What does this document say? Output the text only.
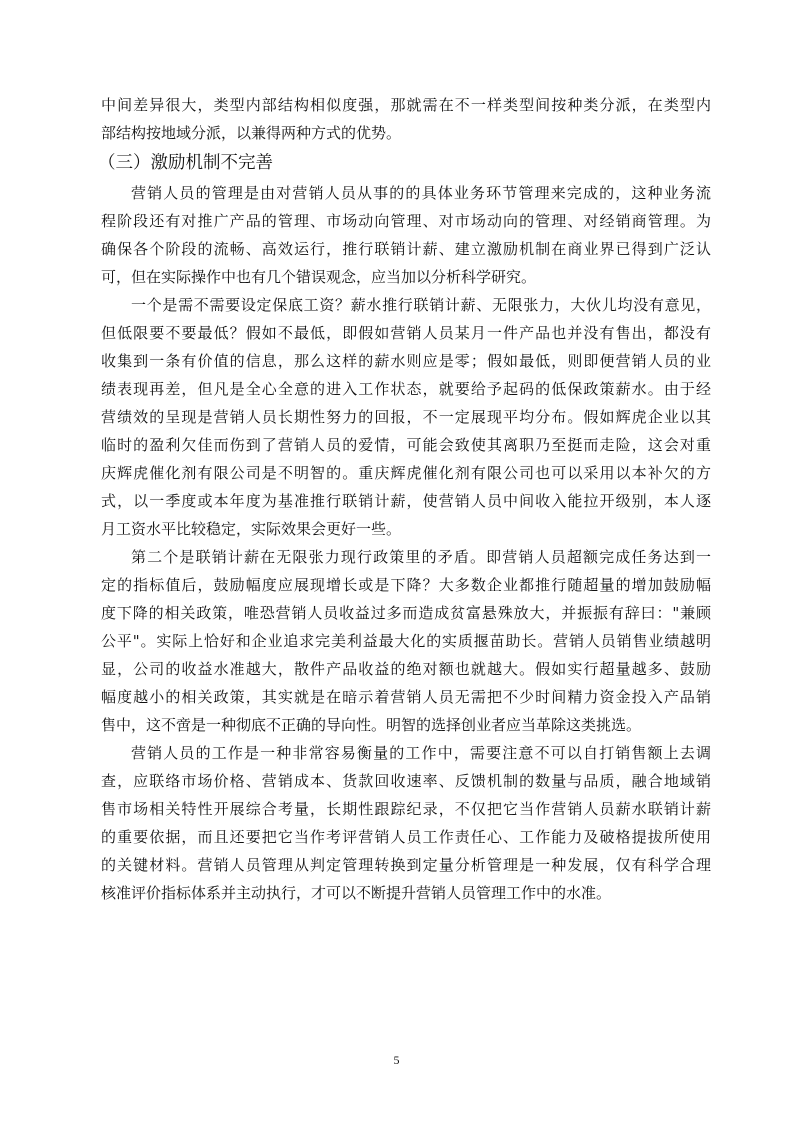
中间差异很大，类型内部结构相似度强，那就需在不一样类型间按种类分派，在类型内
部结构按地域分派，以兼得两种方式的优势。
（三）激励机制不完善
营销人员的管理是由对营销人员从事的的具体业务环节管理来完成的，这种业务流
程阶段还有对推广产品的管理、市场动向管理、对市场动向的管理、对经销商管理。为
确保各个阶段的流畅、高效运行，推行联销计薪、建立激励机制在商业界已得到广泛认
可，但在实际操作中也有几个错误观念，应当加以分析科学研究。
一个是需不需要设定保底工资？薪水推行联销计薪、无限张力，大伙儿均没有意见，
但低限要不要最低？假如不最低，即假如营销人员某月一件产品也并没有售出，都没有
收集到一条有价值的信息，那么这样的薪水则应是零；假如最低，则即便营销人员的业
绩表现再差，但凡是全心全意的进入工作状态，就要给予起码的低保政策薪水。由于经
营绩效的呈现是营销人员长期性努力的回报，不一定展现平均分布。假如辉虎企业以其
临时的盈利欠佳而伤到了营销人员的爱情，可能会致使其离职乃至挺而走险，这会对重
庆辉虎催化剂有限公司是不明智的。重庆辉虎催化剂有限公司也可以采用以本补欠的方
式，以一季度或本年度为基准推行联销计薪，使营销人员中间收入能拉开级别，本人逐
月工资水平比较稳定，实际效果会更好一些。
第二个是联销计薪在无限张力现行政策里的矛盾。即营销人员超额完成任务达到一
定的指标值后，鼓励幅度应展现增长或是下降？大多数企业都推行随超量的增加鼓励幅
度下降的相关政策，唯恐营销人员收益过多而造成贫富悬殊放大，并振振有辞曰："兼顾
公平"。实际上恰好和企业追求完美利益最大化的实质揠苗助长。营销人员销售业绩越明
显，公司的收益水准越大，散件产品收益的绝对额也就越大。假如实行超量越多、鼓励
幅度越小的相关政策，其实就是在暗示着营销人员无需把不少时间精力资金投入产品销
售中，这不啻是一种彻底不正确的导向性。明智的选择创业者应当革除这类挑选。
营销人员的工作是一种非常容易衡量的工作中，需要注意不可以自打销售额上去调
查，应联络市场价格、营销成本、货款回收速率、反馈机制的数量与品质，融合地域销
售市场相关特性开展综合考量，长期性跟踪纪录，不仅把它当作营销人员薪水联销计薪
的重要依据，而且还要把它当作考评营销人员工作责任心、工作能力及破格提拔所使用
的关键材料。营销人员管理从判定管理转换到定量分析管理是一种发展，仅有科学合理
核准评价指标体系并主动执行，才可以不断提升营销人员管理工作中的水准。
5
